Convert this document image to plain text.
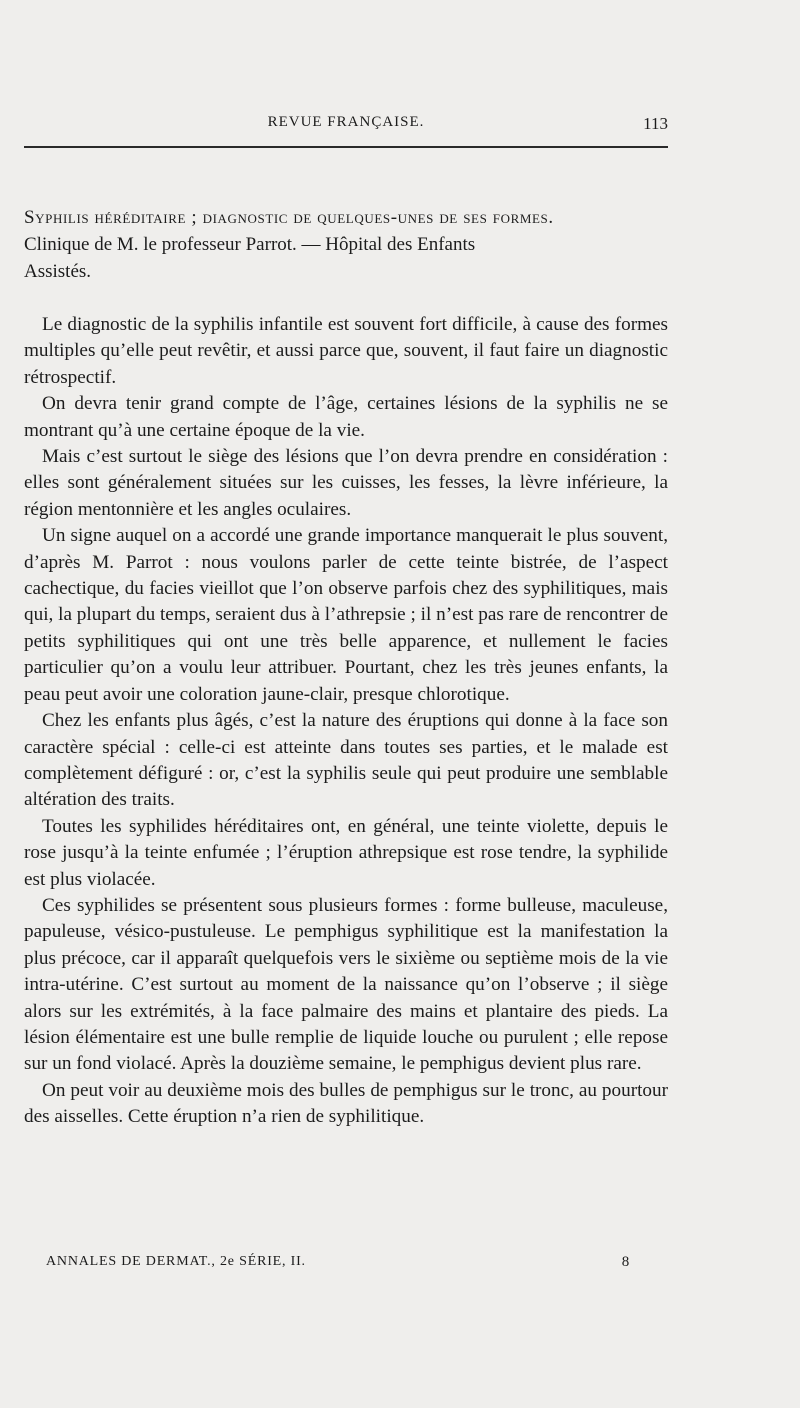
REVUE FRANÇAISE.	113
Syphilis héréditaire ; diagnostic de quelques-unes de ses formes.
Clinique de M. le professeur Parrot. — Hôpital des Enfants
Assistés.

Le diagnostic de la syphilis infantile est souvent fort difficile, à cause des formes multiples qu’elle peut revêtir, et aussi parce que, souvent, il faut faire un diagnostic rétrospectif.

On devra tenir grand compte de l’âge, certaines lésions de la syphilis ne se montrant qu’à une certaine époque de la vie.

Mais c’est surtout le siège des lésions que l’on devra prendre en considération : elles sont généralement situées sur les cuisses, les fesses, la lèvre inférieure, la région mentonnière et les angles oculaires.

Un signe auquel on a accordé une grande importance manquerait le plus souvent, d’après M. Parrot : nous voulons parler de cette teinte bistrée, de l’aspect cachectique, du facies vieillot que l’on observe parfois chez des syphilitiques, mais qui, la plupart du temps, seraient dus à l’athrepsie ; il n’est pas rare de rencontrer de petits syphilitiques qui ont une très belle apparence, et nullement le facies particulier qu’on a voulu leur attribuer. Pourtant, chez les très jeunes enfants, la peau peut avoir une coloration jaune-clair, presque chlorotique.

Chez les enfants plus âgés, c’est la nature des éruptions qui donne à la face son caractère spécial : celle-ci est atteinte dans toutes ses parties, et le malade est complètement défiguré : or, c’est la syphilis seule qui peut produire une semblable altération des traits.

Toutes les syphilides héréditaires ont, en général, une teinte violette, depuis le rose jusqu’à la teinte enfumée ; l’éruption athrepsique est rose tendre, la syphilide est plus violacée.

Ces syphilides se présentent sous plusieurs formes : forme bulleuse, maculeuse, papuleuse, vésico-pustuleuse. Le pemphigus syphilitique est la manifestation la plus précoce, car il apparaît quelquefois vers le sixième ou septième mois de la vie intra-utérine. C’est surtout au moment de la naissance qu’on l’observe ; il siège alors sur les extrémités, à la face palmaire des mains et plantaire des pieds. La lésion élémentaire est une bulle remplie de liquide louche ou purulent ; elle repose sur un fond violacé. Après la douzième semaine, le pemphigus devient plus rare.

On peut voir au deuxième mois des bulles de pemphigus sur le tronc, au pourtour des aisselles. Cette éruption n’a rien de syphilitique.

ANNALES DE DERMAT., 2e SÉRIE, II.	8
